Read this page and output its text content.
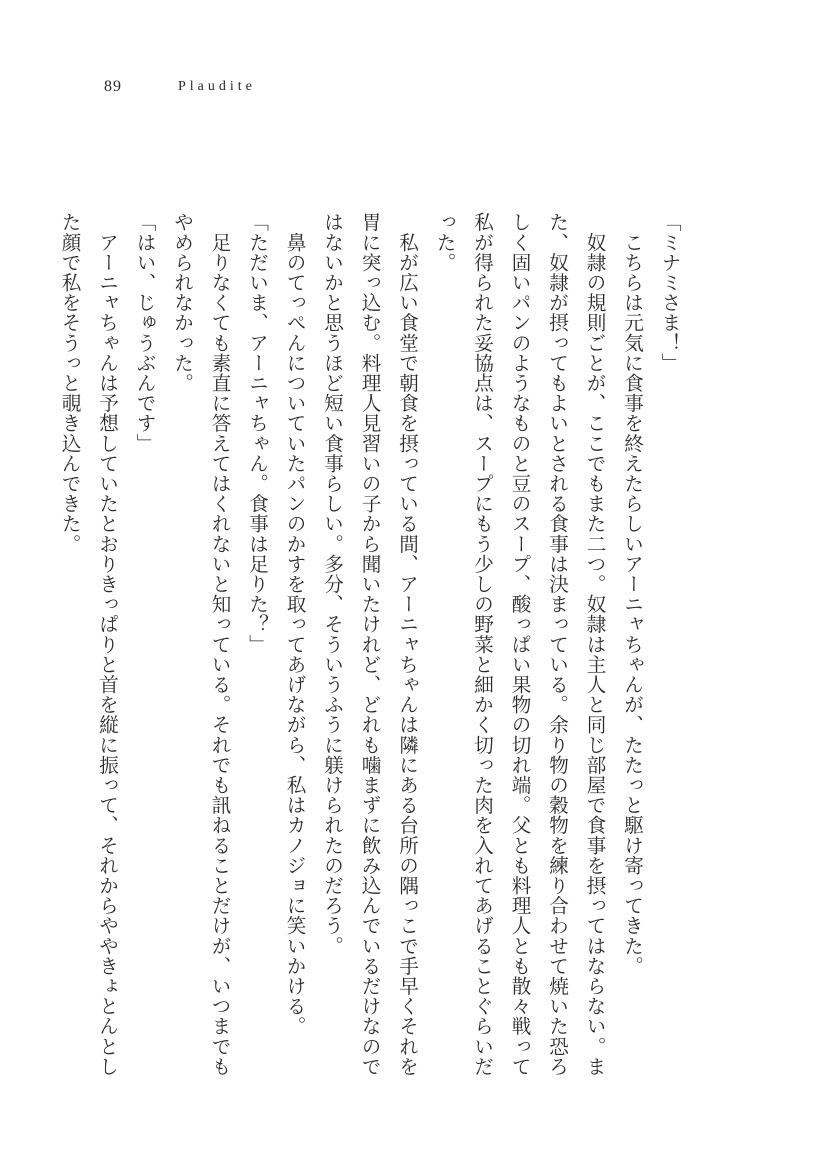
89	Plaudite

「ミナミさま！」

　こちらは元気に食事を終えたらしいアーニャちゃんが、たたっと駆け寄ってきた。

　奴隷の規則ごとが、ここでもまた二つ。奴隷は主人と同じ部屋で食事を摂ってはならない。また、奴隷が摂ってもよいとされる食事は決まっている。余り物の穀物を練り合わせて焼いた恐ろしく固いパンのようなものと豆のスープ、酸っぱい果物の切れ端。父とも料理人とも散々戦って私が得られた妥協点は、スープにもう少しの野菜と細かく切った肉を入れてあげることぐらいだった。

　私が広い食堂で朝食を摂っている間、アーニャちゃんは隣にある台所の隅っこで手早くそれを胃に突っ込む。料理人見習いの子から聞いたけれど、どれも噛まずに飲み込んでいるだけなのではないかと思うほど短い食事らしい。多分、そういうふうに躾けられたのだろう。

　鼻のてっぺんについていたパンのかすを取ってあげながら、私はカノジョに笑いかける。

「ただいま、アーニャちゃん。食事は足りた？」

　足りなくても素直に答えてはくれないと知っている。それでも訊ねることだけが、いつまでもやめられなかった。

「はい、じゅうぶんです」

　アーニャちゃんは予想していたとおりきっぱりと首を縦に振って、それからややきょとんとした顔で私をそうっと覗き込んできた。
